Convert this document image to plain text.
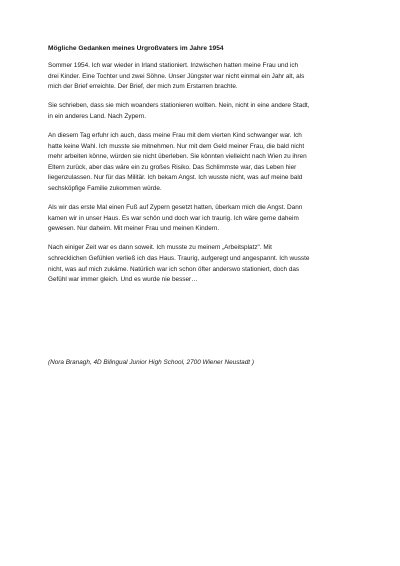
Mögliche Gedanken meines Urgroßvaters im Jahre 1954

Sommer 1954. Ich war wieder in Irland stationiert. Inzwischen hatten meine Frau und ich
drei Kinder. Eine Tochter und zwei Söhne. Unser Jüngster war nicht einmal ein Jahr alt, als
mich der Brief erreichte. Der Brief, der mich zum Erstarren brachte.

Sie schrieben, dass sie mich woanders stationieren wollten. Nein, nicht in eine andere Stadt,
in ein anderes Land. Nach Zypern.

An diesem Tag erfuhr ich auch, dass meine Frau mit dem vierten Kind schwanger war. Ich
hatte keine Wahl. Ich musste sie mitnehmen. Nur mit dem Geld meiner Frau, die bald nicht
mehr arbeiten könne, würden sie nicht überleben. Sie könnten vielleicht nach Wien zu ihren
Eltern zurück, aber das wäre ein zu großes Risiko. Das Schlimmste war, das Leben hier
liegenzulassen. Nur für das Militär. Ich bekam Angst. Ich wusste nicht, was auf meine bald
sechsköpfige Familie zukommen würde.

Als wir das erste Mal einen Fuß auf Zypern gesetzt hatten, überkam mich die Angst. Dann
kamen wir in unser Haus. Es war schön und doch war ich traurig. Ich wäre gerne daheim
gewesen. Nur daheim. Mit meiner Frau und meinen Kindern.

Nach einiger Zeit war es dann soweit. Ich musste zu meinem „Arbeitsplatz". Mit
schrecklichen Gefühlen verließ ich das Haus. Traurig, aufgeregt und angespannt. Ich wusste
nicht, was auf mich zukäme. Natürlich war ich schon öfter anderswo stationiert, doch das
Gefühl war immer gleich. Und es wurde nie besser…

(Nora Branagh, 4D Bilingual Junior High School, 2700 Wiener Neustadt )
